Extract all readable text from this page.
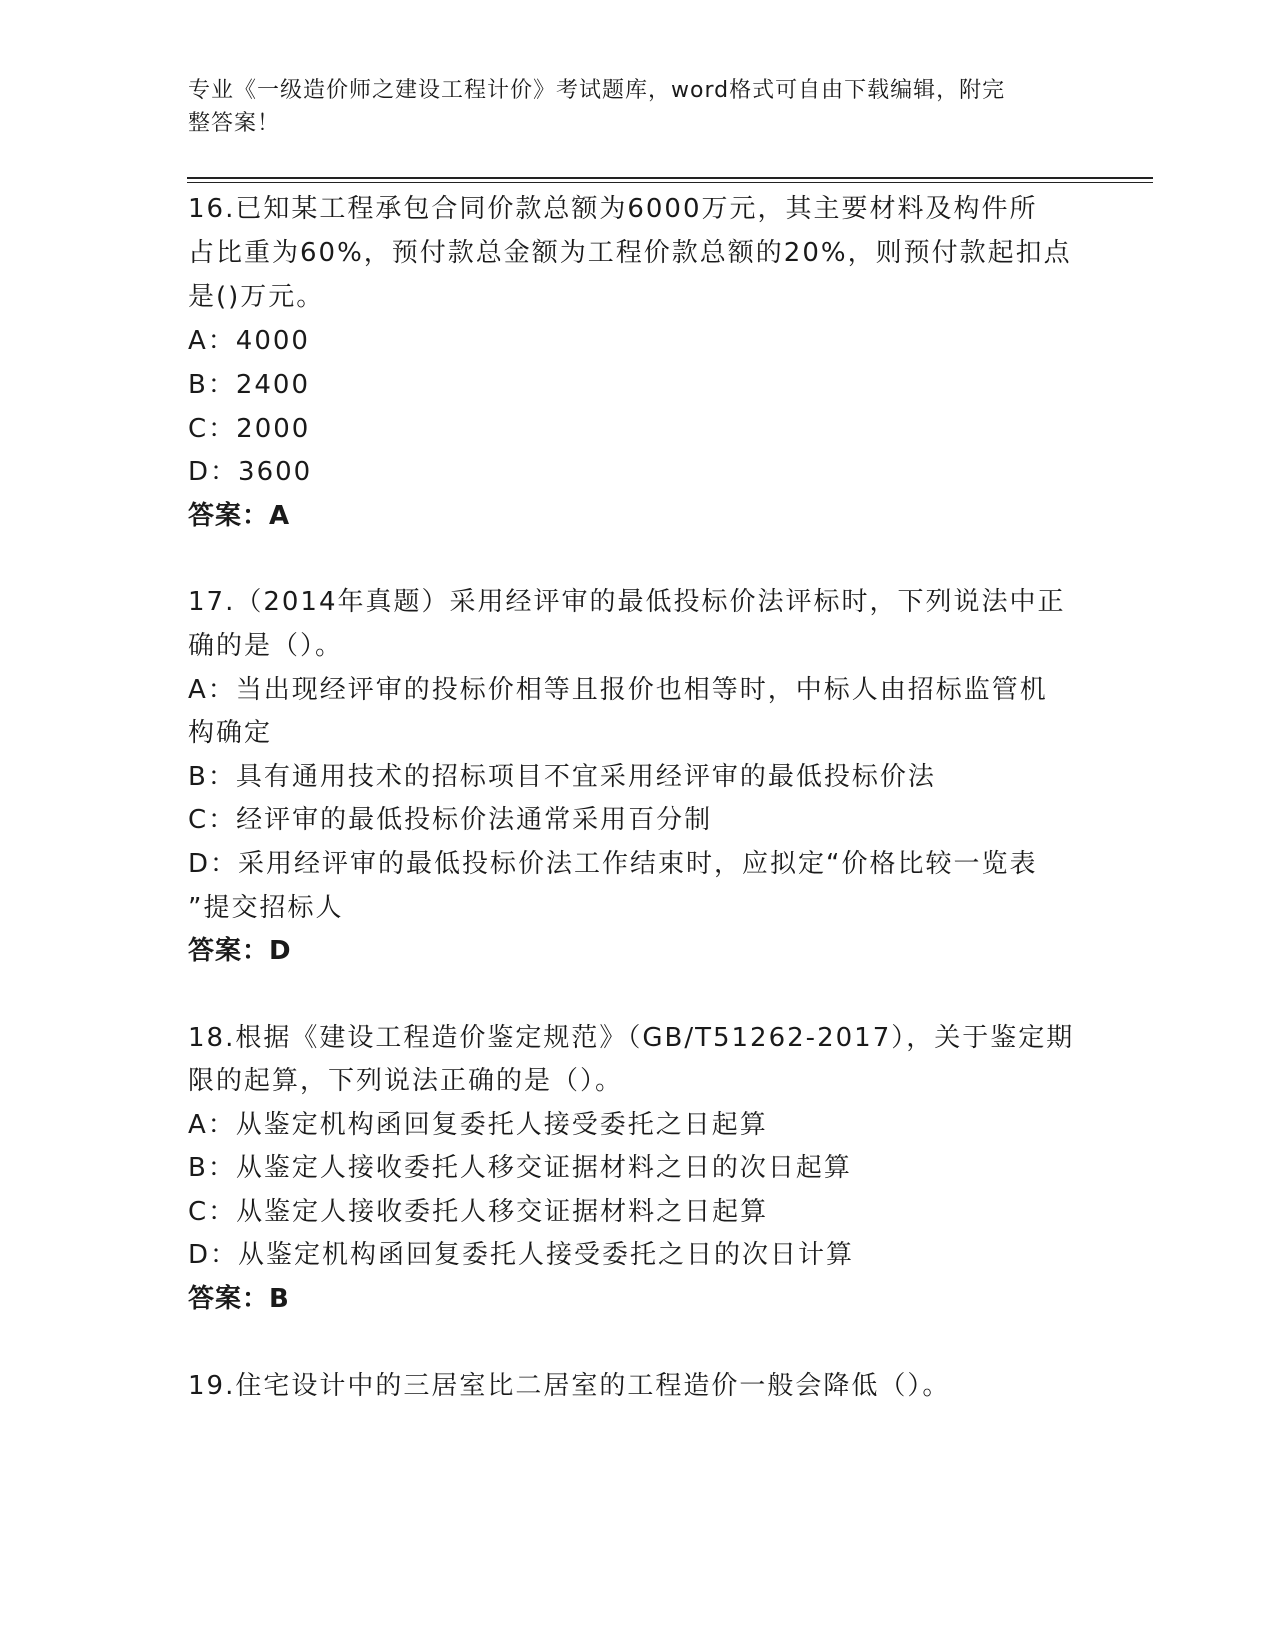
专业《一级造价师之建设工程计价》考试题库，word格式可自由下载编辑，附完
整答案！
16.已知某工程承包合同价款总额为6000万元，其主要材料及构件所
占比重为60%，预付款总金额为工程价款总额的20%，则预付款起扣点
是()万元。
A：4000
B：2400
C：2000
D：3600
答案：A
17.（2014年真题）采用经评审的最低投标价法评标时，下列说法中正
确的是（）。
A：当出现经评审的投标价相等且报价也相等时，中标人由招标监管机
构确定
B：具有通用技术的招标项目不宜采用经评审的最低投标价法
C：经评审的最低投标价法通常采用百分制
D：采用经评审的最低投标价法工作结束时，应拟定“价格比较一览表
”提交招标人
答案：D
18.根据《建设工程造价鉴定规范》（GB/T51262-2017），关于鉴定期
限的起算，下列说法正确的是（）。
A：从鉴定机构函回复委托人接受委托之日起算
B：从鉴定人接收委托人移交证据材料之日的次日起算
C：从鉴定人接收委托人移交证据材料之日起算
D：从鉴定机构函回复委托人接受委托之日的次日计算
答案：B
19.住宅设计中的三居室比二居室的工程造价一般会降低（）。
